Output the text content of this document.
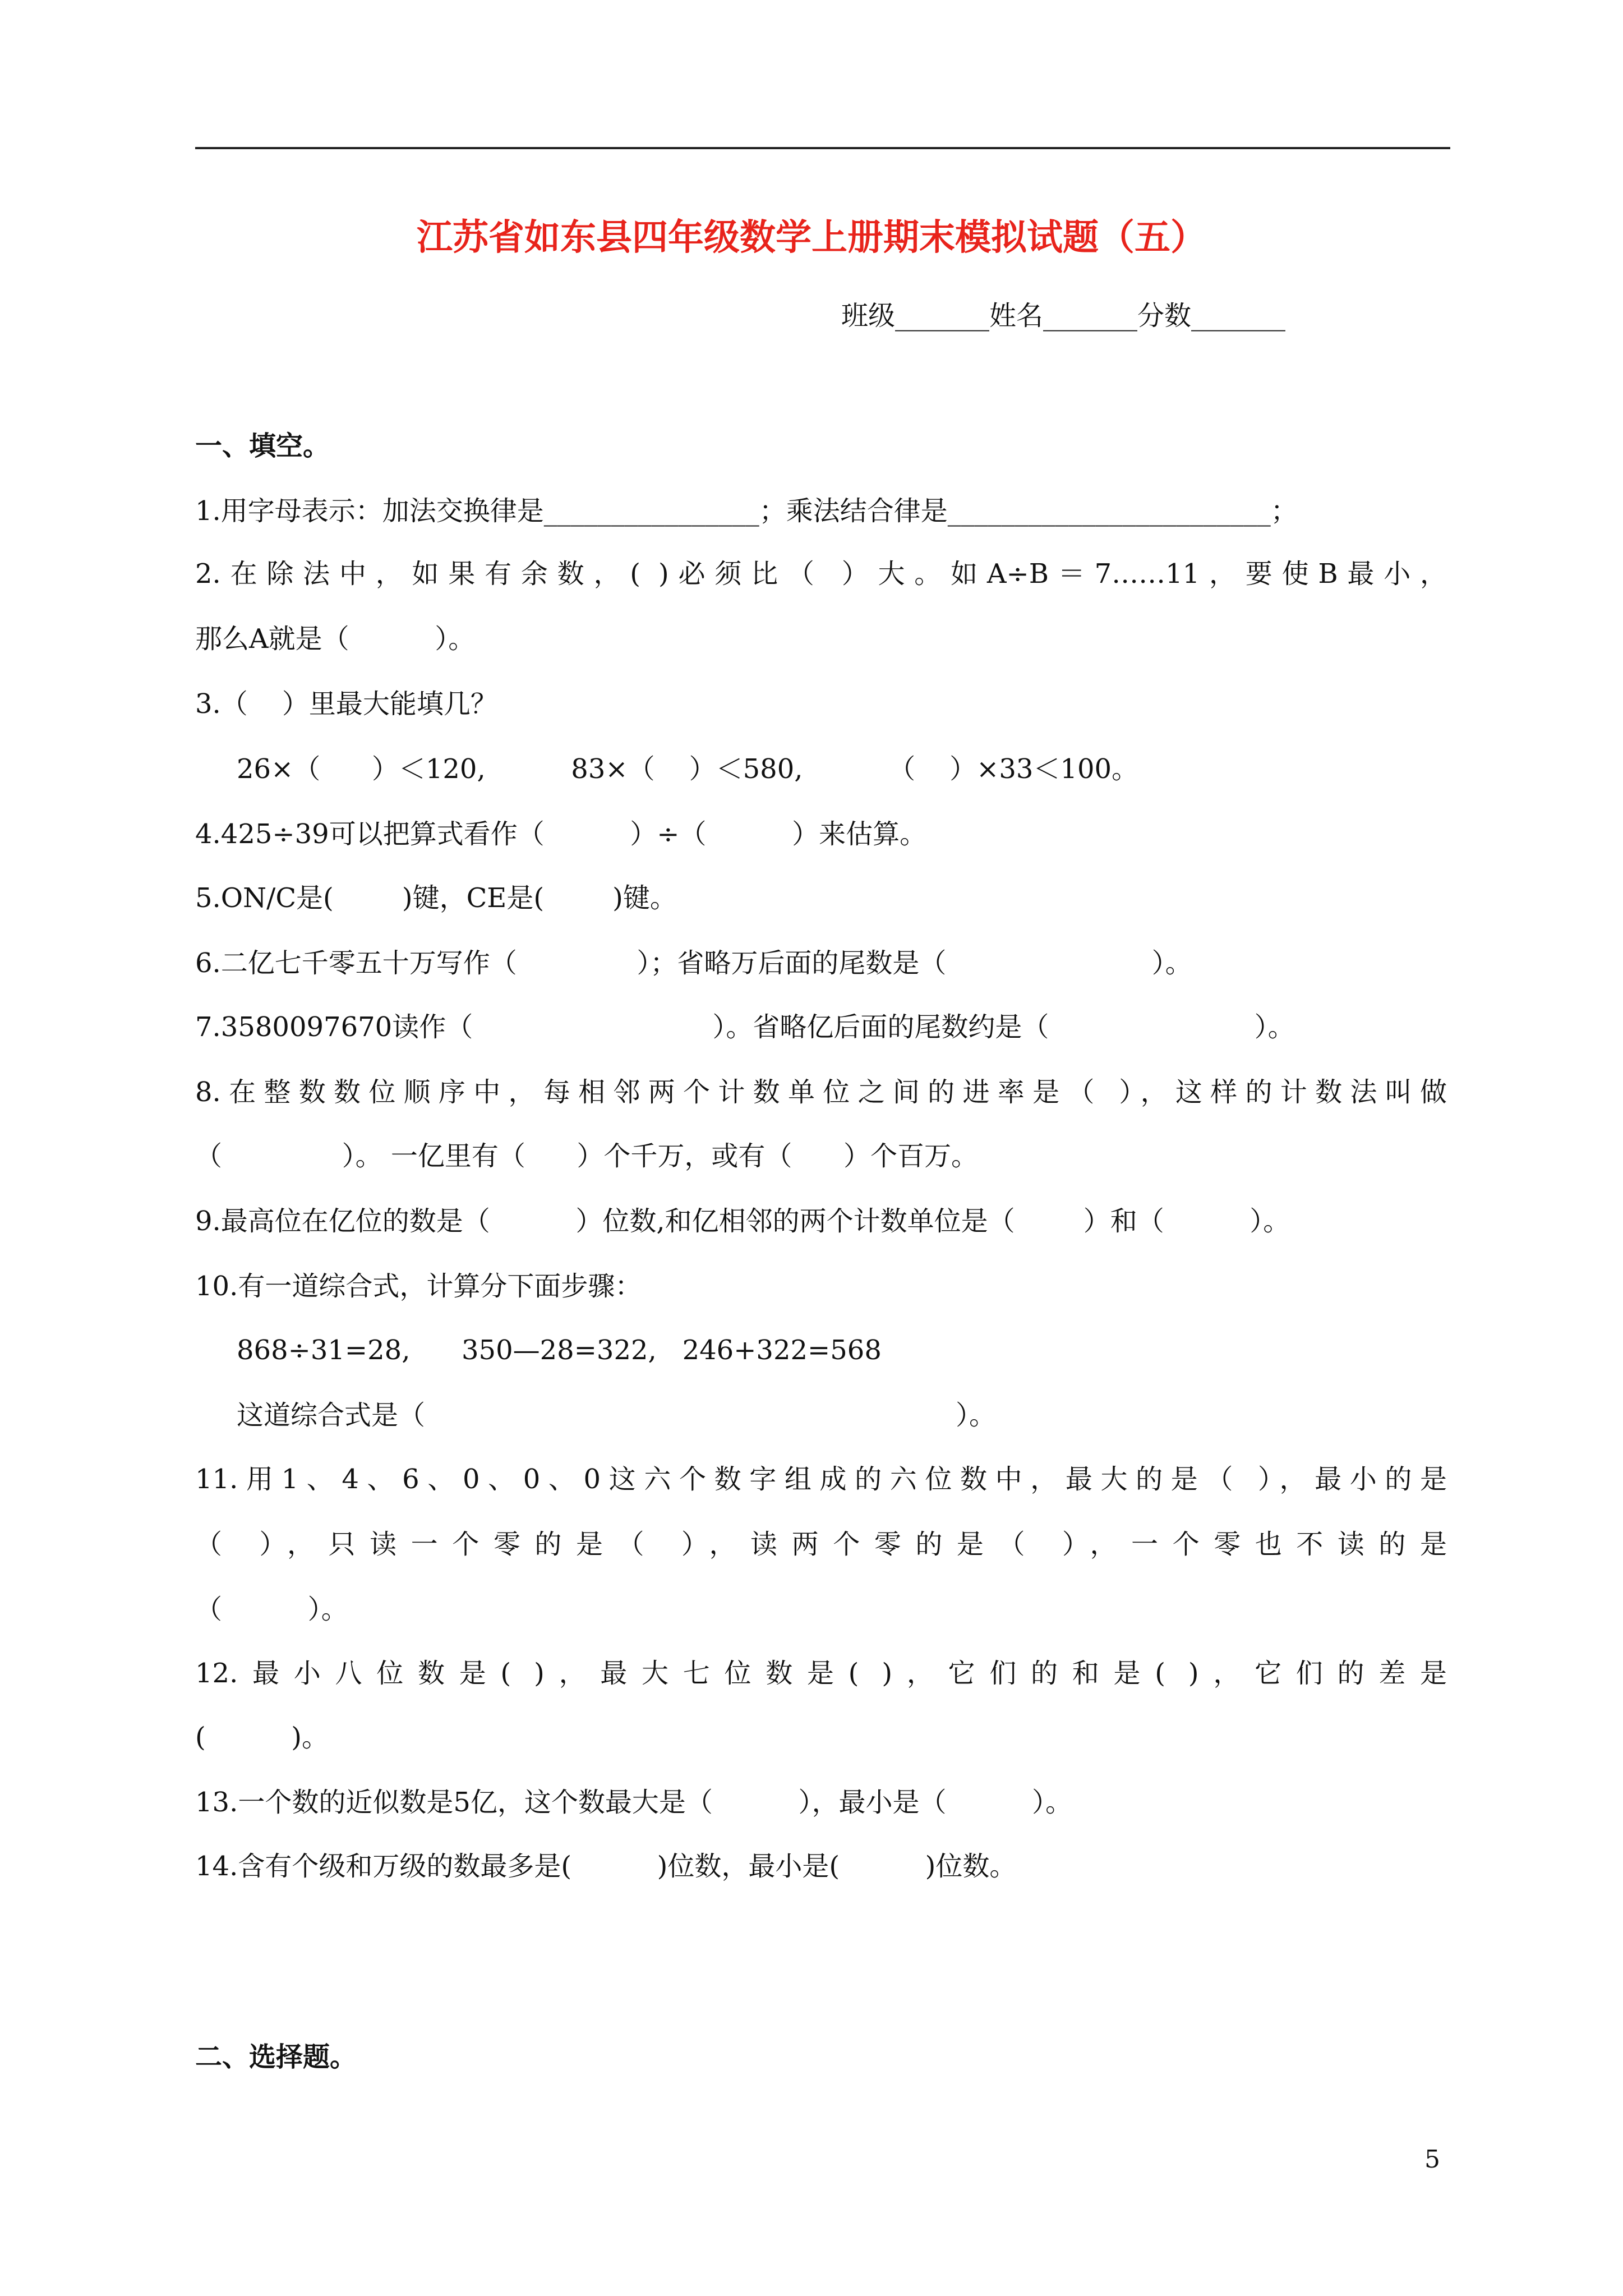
江苏省如东县四年级数学上册期末模拟试题（五）
班级_______姓名_______分数_______
一、填空。
1.用字母表示：加法交换律是________________；乘法结合律是________________________；
2.在除法中，如果有余数，( )必须比（ ）大。如A÷B＝7……11，要使B最小，
那么A就是（          ）。
3.（    ）里最大能填几？
26×（      ）＜120,          83×（    ）＜580,          （    ）×33＜100。
4.425÷39可以把算式看作（          ）÷（          ）来估算。
5.ON/C是(        )键，CE是(        )键。
6.二亿七千零五十万写作（              ）；省略万后面的尾数是（                        ）。
7.3580097670读作（                            ）。省略亿后面的尾数约是（                        ）。
8.在整数数位顺序中，每相邻两个计数单位之间的进率是（ ），这样的计数法叫做
（              ）。 一亿里有（      ）个千万，或有（      ）个百万。
9.最高位在亿位的数是（          ）位数,和亿相邻的两个计数单位是（        ）和（          ）。
10.有一道综合式，计算分下面步骤：
868÷31=28,      350—28=322,   246+322=568
这道综合式是（                                                              ）。
11.用1、4、6、0、0、0这六个数字组成的六位数中，最大的是（ ），最小的是
（ ），只读一个零的是（ ），读两个零的是（ ），一个零也不读的是
（          ）。
12.最小八位数是( )，最大七位数是( )，它们的和是( )，它们的差是
(          )。
13.一个数的近似数是5亿，这个数最大是（          ），最小是（          ）。
14.含有个级和万级的数最多是(          )位数，最小是(          )位数。
二、选择题。
5
